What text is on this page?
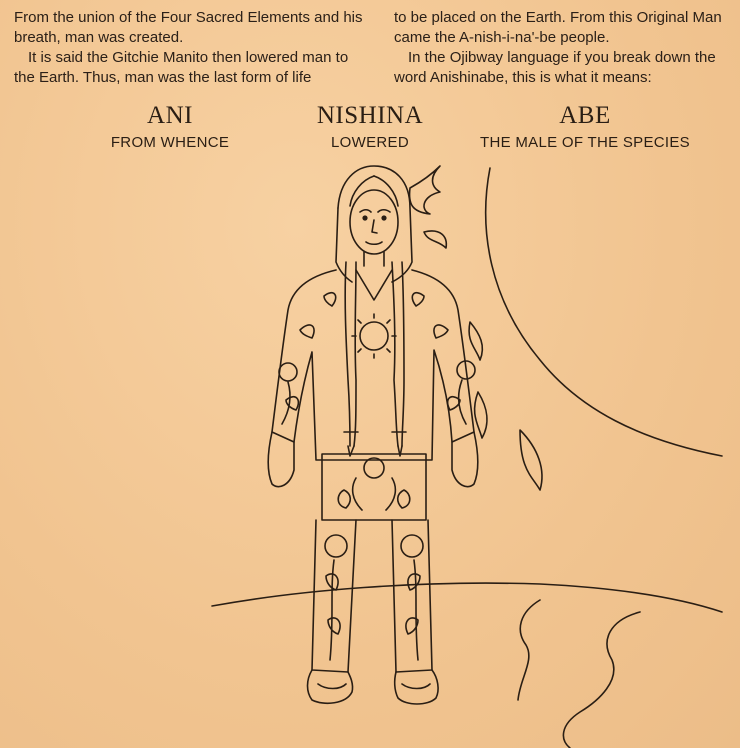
From the union of the Four Sacred Elements and his breath, man was created.

It is said the Gitchie Manito then lowered man to the Earth. Thus, man was the last form of life

to be placed on the Earth. From this Original Man came the A-nish-i-na'-be people.

In the Ojibway language if you break down the word Anishinabe, this is what it means:

ANI
FROM WHENCE
NISHINA
LOWERED
ABE
THE MALE OF THE SPECIES
